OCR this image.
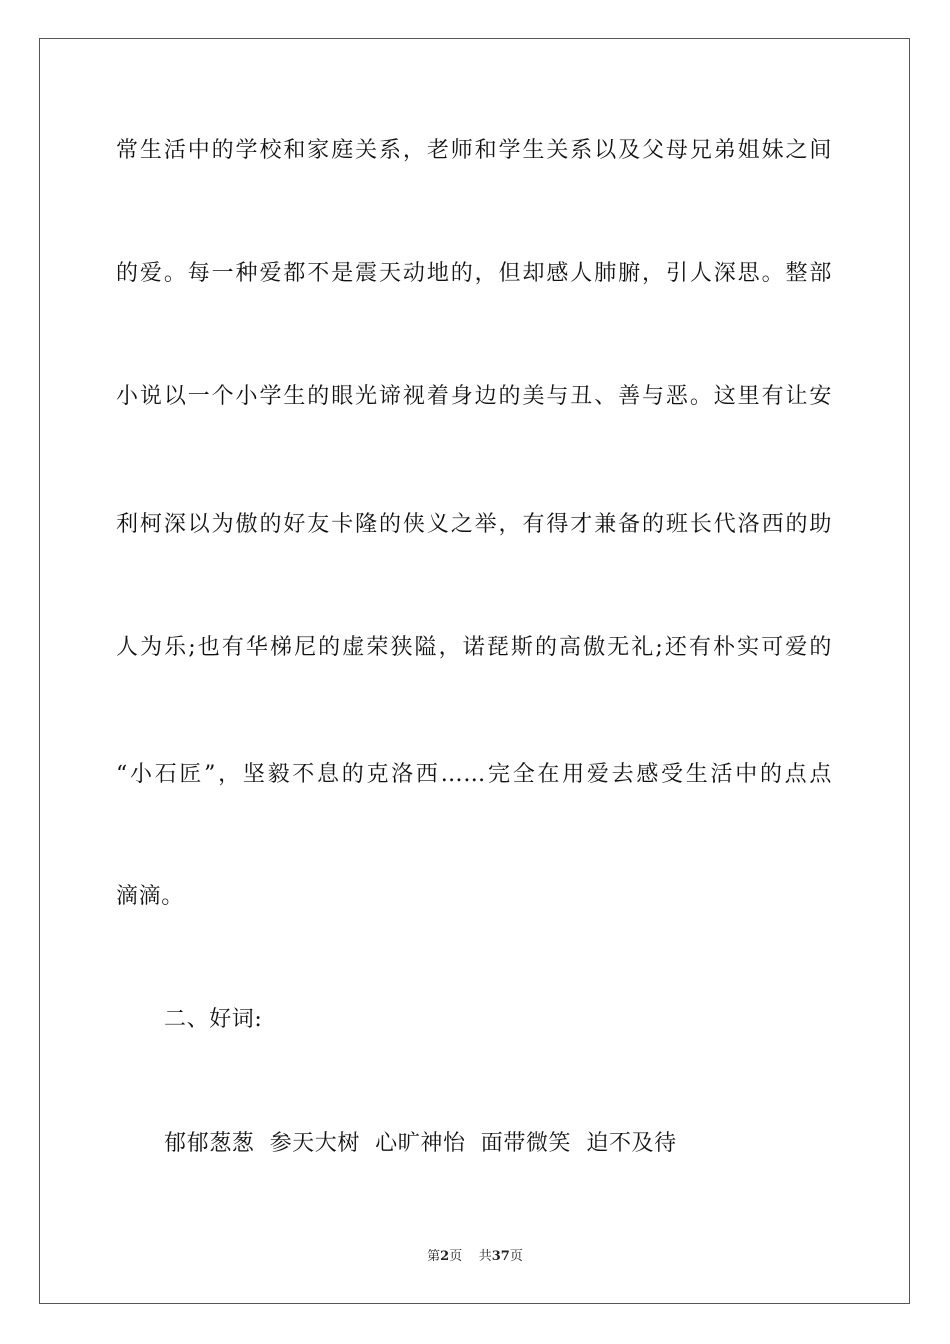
常生活中的学校和家庭关系，老师和学生关系以及父母兄弟姐妹之间
的爱。每一种爱都不是震天动地的，但却感人肺腑，引人深思。整部
小说以一个小学生的眼光谛视着身边的美与丑、善与恶。这里有让安
利柯深以为傲的好友卡隆的侠义之举，有得才兼备的班长代洛西的助
人为乐;也有华梯尼的虚荣狭隘，诺琵斯的高傲无礼;还有朴实可爱的
“小石匠”，坚毅不息的克洛西……完全在用爱去感受生活中的点点
滴滴。
二、好词:
郁郁葱葱  参天大树  心旷神怡  面带微笑  迫不及待
第2页 共37页
